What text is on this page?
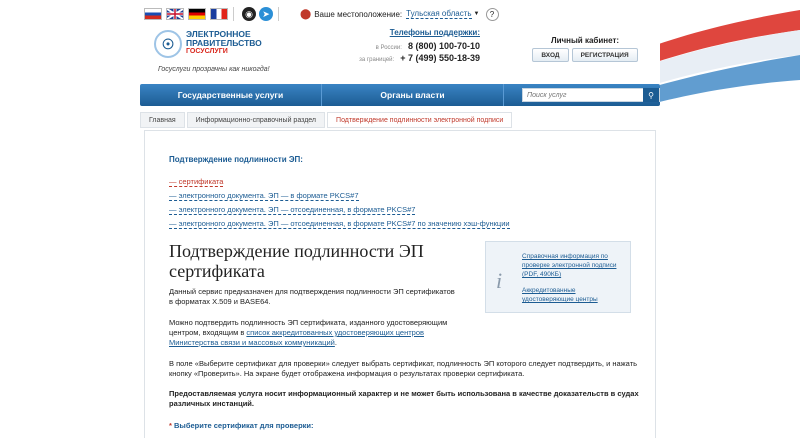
◉	➤	⬤ Ваше местоположение: Тульская область ▼	?
☉
ЭЛЕКТРОННОЕ ПРАВИТЕЛЬСТВО
ГОСУСЛУГИ
Госуслуги прозрачны как никогда!
Телефоны поддержки:
в России: 8 (800) 100-70-10
за границей: + 7 (499) 550-18-39
Личный кабинет:
ВХОД	РЕГИСТРАЦИЯ
Государственные услуги	Органы власти
Поиск услуг	⚲
Главная	Информационно-справочный раздел	Подтверждение подлинности электронной подписи
Подтверждение подлинности ЭП:
— сертификата
— электронного документа. ЭП — в формате PKCS#7
— электронного документа. ЭП — отсоединенная, в формате PKCS#7
— электронного документа. ЭП — отсоединенная, в формате PKCS#7 по значению хэш-функции
Подтверждение подлинности ЭП сертификата
Данный сервис предназначен для подтверждения подлинности ЭП сертификатов в форматах X.509 и BASE64.
Можно подтвердить подлинность ЭП сертификата, изданного удостоверяющим центром, входящим в список аккредитованных удостоверяющих центров Министерства связи и массовых коммуникаций.
В поле «Выберите сертификат для проверки» следует выбрать сертификат, подлинность ЭП которого следует подтвердить, и нажать кнопку «Проверить». На экране будет отображена информация о результатах проверки сертификата.
Предоставляемая услуга носит информационный характер и не может быть использована в качестве доказательств в судах различных инстанций.
* Выберите сертификат для проверки:
i
Справочная информация по проверке электронной подписи (PDF, 490КБ)
Аккредитованные удостоверяющие центры
